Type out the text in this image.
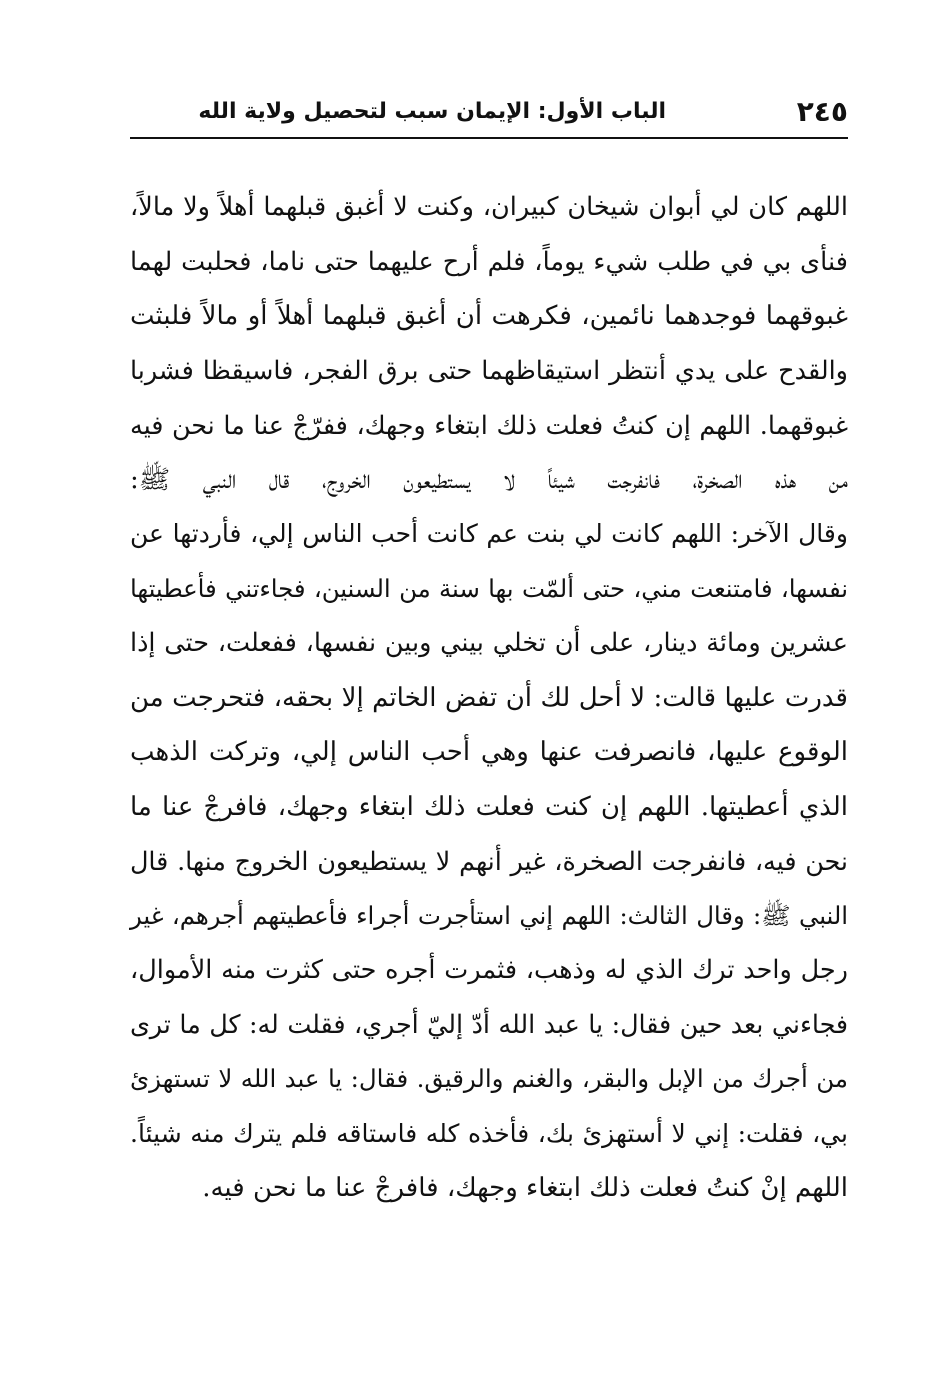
٢٤٥
الباب الأول: الإيمان سبب لتحصيل ولاية الله
اللهم كان لي أبوان شيخان كبيران، وكنت لا أغبق قبلهما أهلاً ولا مالاً،
فنأى بي في طلب شيء يوماً، فلم أرح عليهما حتى ناما، فحلبت لهما
غبوقهما فوجدهما نائمين، فكرهت أن أغبق قبلهما أهلاً أو مالاً فلبثت
والقدح على يدي أنتظر استيقاظهما حتى برق الفجر، فاسيقظا فشربا
غبوقهما. اللهم إن كنتُ فعلت ذلك ابتغاء وجهك، ففرّجْ عنا ما نحن فيه
من هذه الصخرة، فانفرجت شيئاً لا يستطيعون الخروج، قال النبي ﷺ:
وقال الآخر: اللهم كانت لي بنت عم كانت أحب الناس إلي، فأردتها عن
نفسها، فامتنعت مني، حتى ألمّت بها سنة من السنين، فجاءتني فأعطيتها
عشرين ومائة دينار، على أن تخلي بيني وبين نفسها، ففعلت، حتى إذا
قدرت عليها قالت: لا أحل لك أن تفض الخاتم إلا بحقه، فتحرجت من
الوقوع عليها، فانصرفت عنها وهي أحب الناس إلي، وتركت الذهب
الذي أعطيتها. اللهم إن كنت فعلت ذلك ابتغاء وجهك، فافرجْ عنا ما
نحن فيه، فانفرجت الصخرة، غير أنهم لا يستطيعون الخروج منها. قال
النبي ﷺ: وقال الثالث: اللهم إني استأجرت أجراء فأعطيتهم أجرهم، غير
رجل واحد ترك الذي له وذهب، فثمرت أجره حتى كثرت منه الأموال،
فجاءني بعد حين فقال: يا عبد الله أدّ إليّ أجري، فقلت له: كل ما ترى
من أجرك من الإبل والبقر، والغنم والرقيق. فقال: يا عبد الله لا تستهزئ
بي، فقلت: إني لا أستهزئ بك، فأخذه كله فاستاقه فلم يترك منه شيئاً.
اللهم إنْ كنتُ فعلت ذلك ابتغاء وجهك، فافرجْ عنا ما نحن فيه.
